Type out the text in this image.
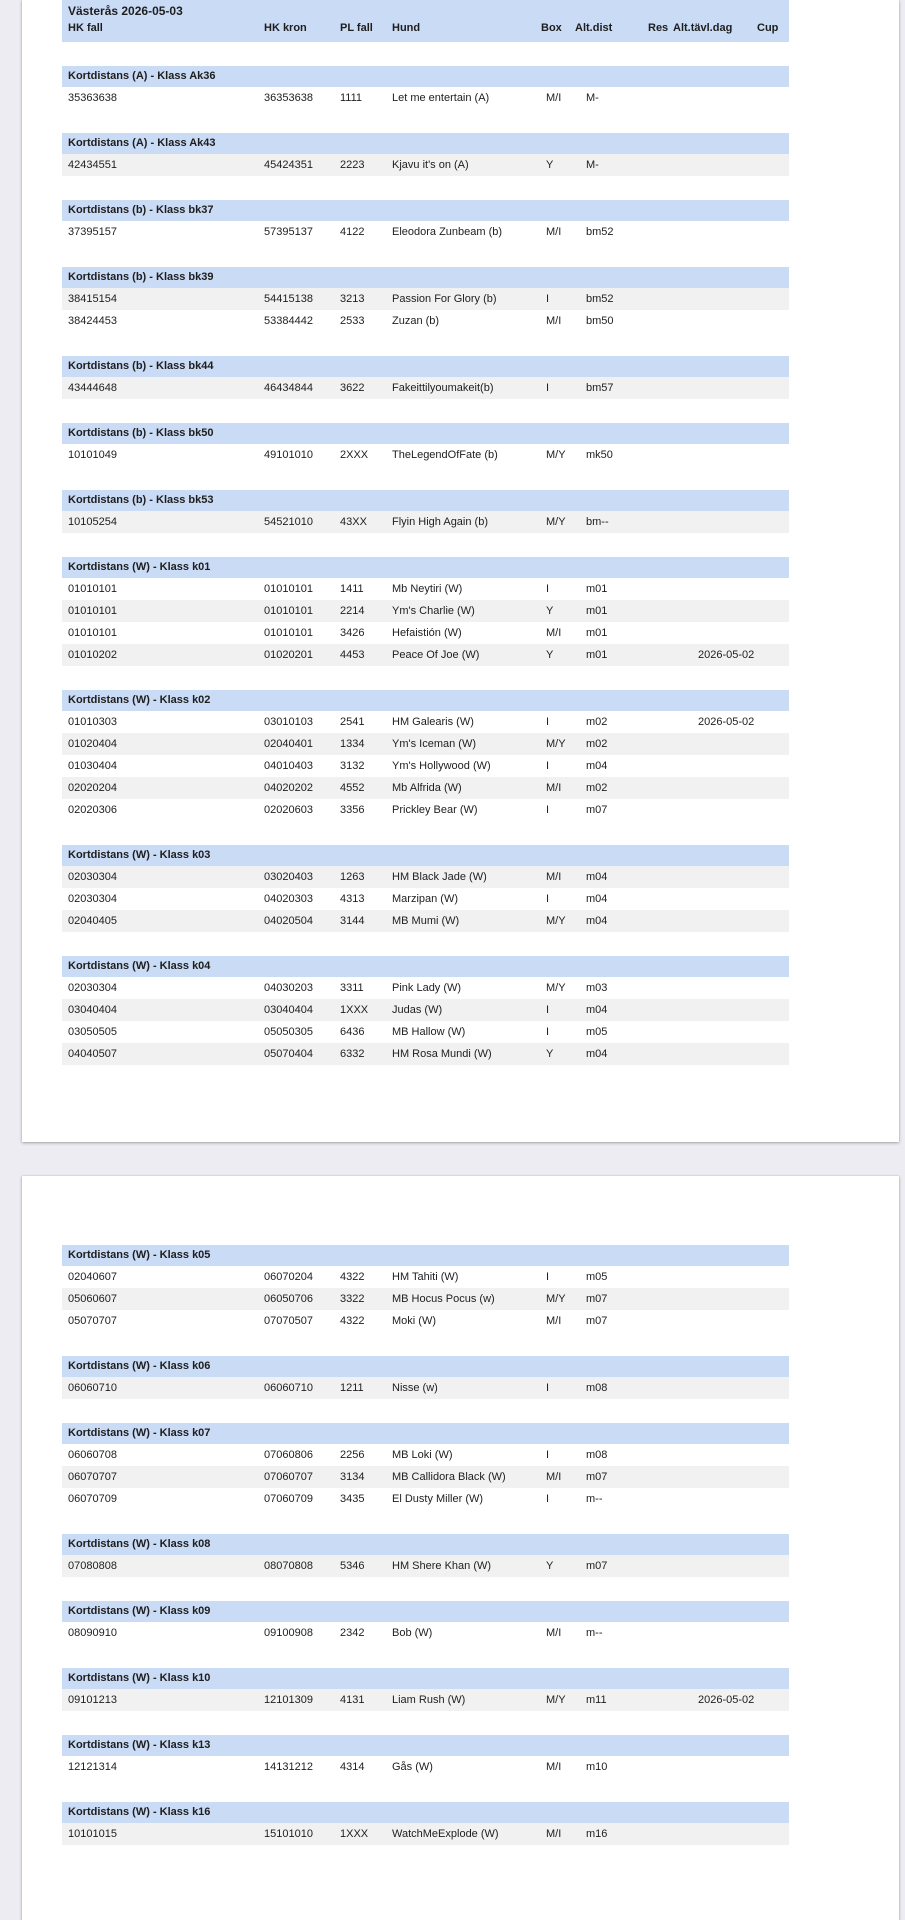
Västerås 2026-05-03
HK fall	HK kron	PL fall Hund	Box Alt.dist	Res Alt.tävl.dag Cup
Kortdistans (A) - Klass Ak36
35363638	36353638 1111	Let me entertain (A)	M/I M-
Kortdistans (A) - Klass Ak43
42434551	45424351 2223	Kjavu it's on (A)	Y	M-
Kortdistans (b) - Klass bk37
37395157	57395137 4122	Eleodora Zunbeam (b)	M/I bm52
Kortdistans (b) - Klass bk39
38415154	54415138 3213	Passion For Glory (b)	I	bm52
38424453	53384442 2533	Zuzan (b)	M/I bm50
Kortdistans (b) - Klass bk44
43444648	46434844 3622	Fakeittilyoumakeit(b)	I	bm57
Kortdistans (b) - Klass bk50
10101049	49101010 2XXX TheLegendOfFate (b)	M/Y mk50
Kortdistans (b) - Klass bk53
10105254	54521010 43XX Flyin High Again (b)	M/Y bm--
Kortdistans (W) - Klass k01
01010101	01010101 1411	Mb Neytiri (W)	I	m01
01010101	01010101 2214	Ym's Charlie (W)	Y	m01
01010101	01010101 3426	Hefaistión (W)	M/I m01
01010202	01020201 4453	Peace Of Joe (W)	Y	m01	2026-05-02
Kortdistans (W) - Klass k02
01010303	03010103 2541	HM Galearis (W)	I	m02	2026-05-02
01020404	02040401 1334	Ym's Iceman (W)	M/Y m02
01030404	04010403 3132	Ym's Hollywood (W)	I	m04
02020204	04020202 4552	Mb Alfrida (W)	M/I m02
02020306	02020603 3356	Prickley Bear (W)	I	m07
Kortdistans (W) - Klass k03
02030304	03020403 1263	HM Black Jade (W)	M/I m04
02030304	04020303 4313	Marzipan (W)	I	m04
02040405	04020504 3144	MB Mumi (W)	M/Y m04
Kortdistans (W) - Klass k04
02030304	04030203 3311	Pink Lady (W)	M/Y m03
03040404	03040404 1XXX Judas (W)	I	m04
03050505	05050305 6436	MB Hallow (W)	I	m05
04040507	05070404 6332	HM Rosa Mundi (W)	Y	m04
Kortdistans (W) - Klass k05
02040607	06070204 4322	HM Tahiti (W)	I	m05
05060607	06050706 3322	MB Hocus Pocus (w)	M/Y m07
05070707	07070507 4322	Moki (W)	M/I m07
Kortdistans (W) - Klass k06
06060710	06060710 1211	Nisse (w)	I	m08
Kortdistans (W) - Klass k07
06060708	07060806 2256	MB Loki (W)	I	m08
06070707	07060707 3134	MB Callidora Black (W)	M/I m07
06070709	07060709 3435	El Dusty Miller (W)	I	m--
Kortdistans (W) - Klass k08
07080808	08070808 5346	HM Shere Khan (W)	Y	m07
Kortdistans (W) - Klass k09
08090910	09100908 2342	Bob (W)	M/I m--
Kortdistans (W) - Klass k10
09101213	12101309 4131	Liam Rush (W)	M/Y m11	2026-05-02
Kortdistans (W) - Klass k13
12121314	14131212 4314	Gås (W)	M/I m10
Kortdistans (W) - Klass k16
10101015	15101010 1XXX WatchMeExplode (W)	M/I m16
